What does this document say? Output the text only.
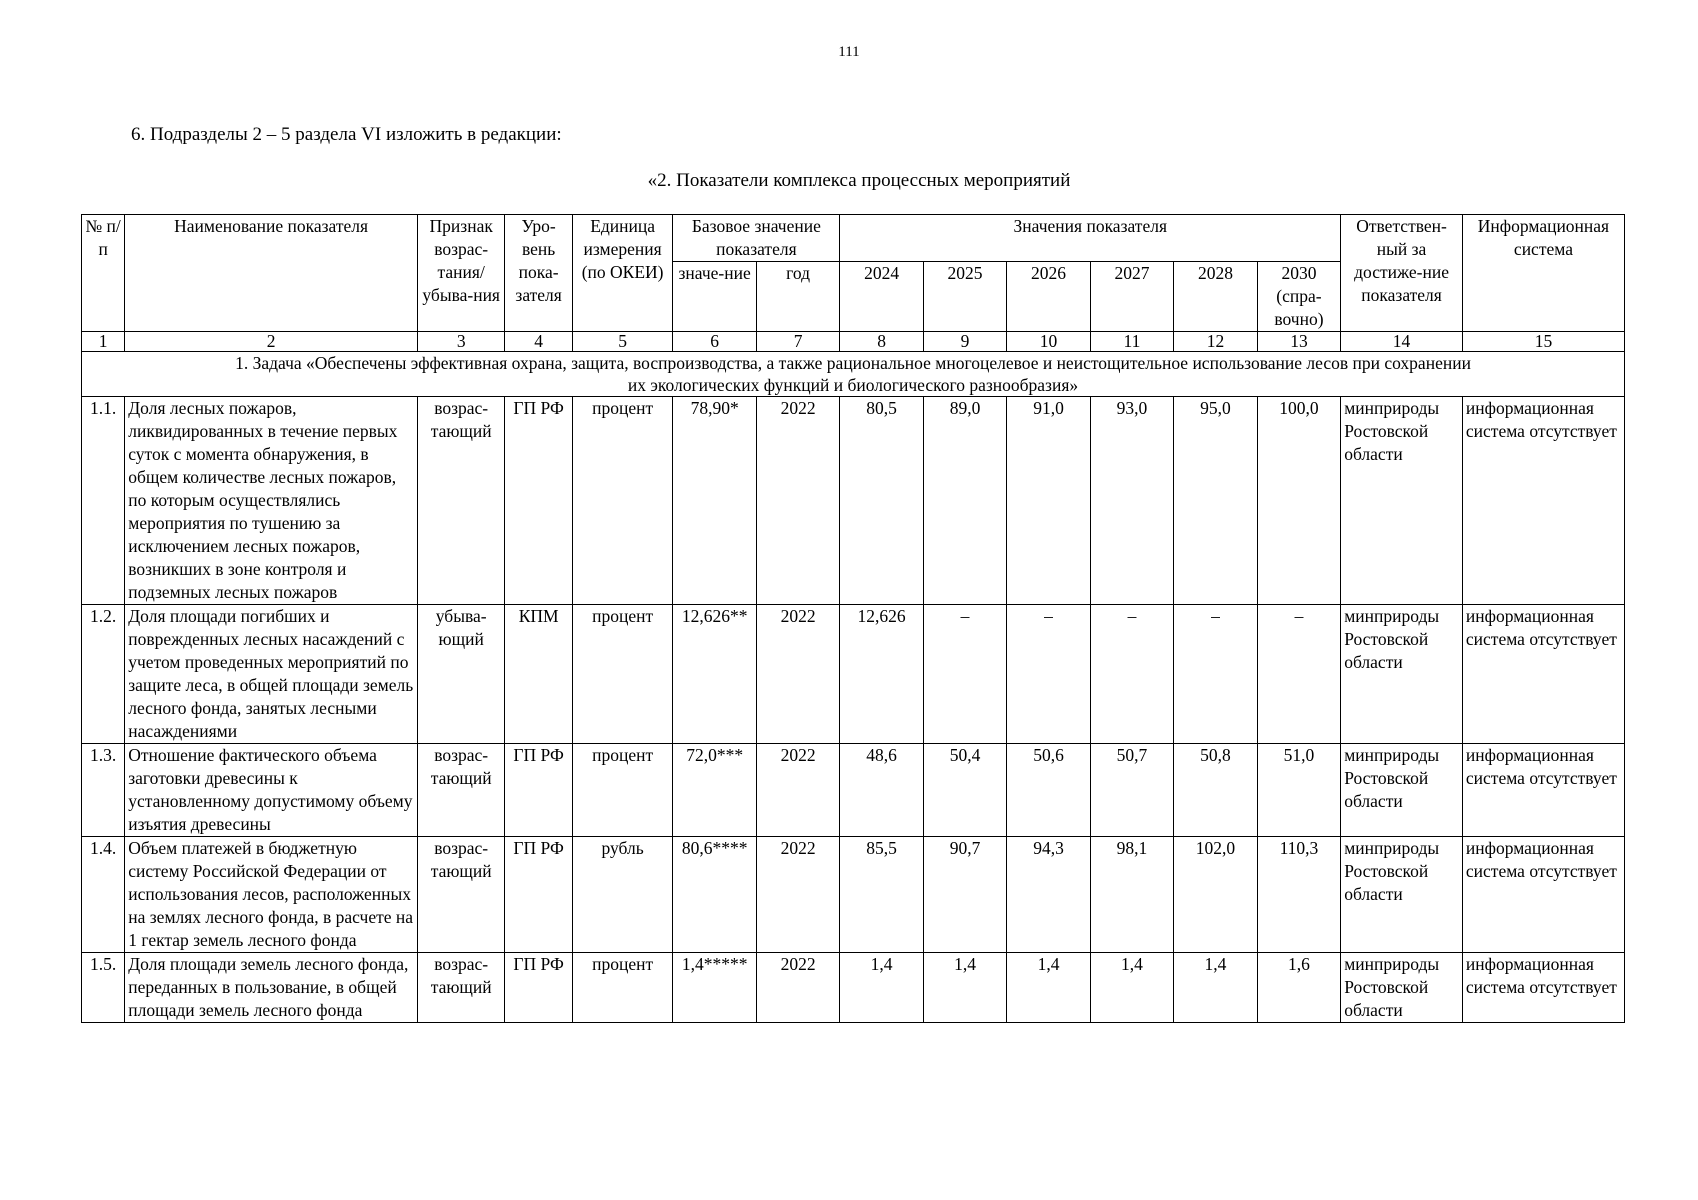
111
6. Подразделы 2 – 5 раздела VI изложить в редакции:
«2. Показатели комплекса процессных мероприятий
№ п/п	Наименование показателя	Признак возрас-тания/ убыва-ния	Уро-вень пока-зателя	Единица измерения (по ОКЕИ)	Базовое значение показателя		Значения показателя						Ответствен-ный за достиже-ние показателя	Информационная система
					значе-ние	год	2024	2025	2026	2027	2028	2030 (спра-вочно)		
1	2	3	4	5	6	7	8	9	10	11	12	13	14	15
1. Задача «Обеспечены эффективная охрана, защита, воспроизводства, а также рациональное многоцелевое и неистощительное использование лесов при сохранении их экологических функций и биологического разнообразия»														
1.1.	Доля лесных пожаров, ликвидированных в течение первых суток с момента обнаружения, в общем количестве лесных пожаров, по которым осуществлялись мероприятия по тушению за исключением лесных пожаров, возникших в зоне контроля и подземных лесных пожаров	возрас-тающий	ГП РФ	процент	78,90*	2022	80,5	89,0	91,0	93,0	95,0	100,0	минприроды Ростовской области	информационная система отсутствует
1.2.	Доля площади погибших и поврежденных лесных насаждений с учетом проведенных мероприятий по защите леса, в общей площади земель лесного фонда, занятых лесными насаждениями	убыва-ющий	КПМ	процент	12,626**	2022	12,626	–	–	–	–	–	минприроды Ростовской области	информационная система отсутствует
1.3.	Отношение фактического объема заготовки древесины к установленному допустимому объему изъятия древесины	возрас-тающий	ГП РФ	процент	72,0***	2022	48,6	50,4	50,6	50,7	50,8	51,0	минприроды Ростовской области	информационная система отсутствует
1.4.	Объем платежей в бюджетную систему Российской Федерации от использования лесов, расположенных на землях лесного фонда, в расчете на 1 гектар земель лесного фонда	возрас-тающий	ГП РФ	рубль	80,6****	2022	85,5	90,7	94,3	98,1	102,0	110,3	минприроды Ростовской области	информационная система отсутствует
1.5.	Доля площади земель лесного фонда, переданных в пользование, в общей площади земель лесного фонда	возрас-тающий	ГП РФ	процент	1,4*****	2022	1,4	1,4	1,4	1,4	1,4	1,6	минприроды Ростовской области	информационная система отсутствует
